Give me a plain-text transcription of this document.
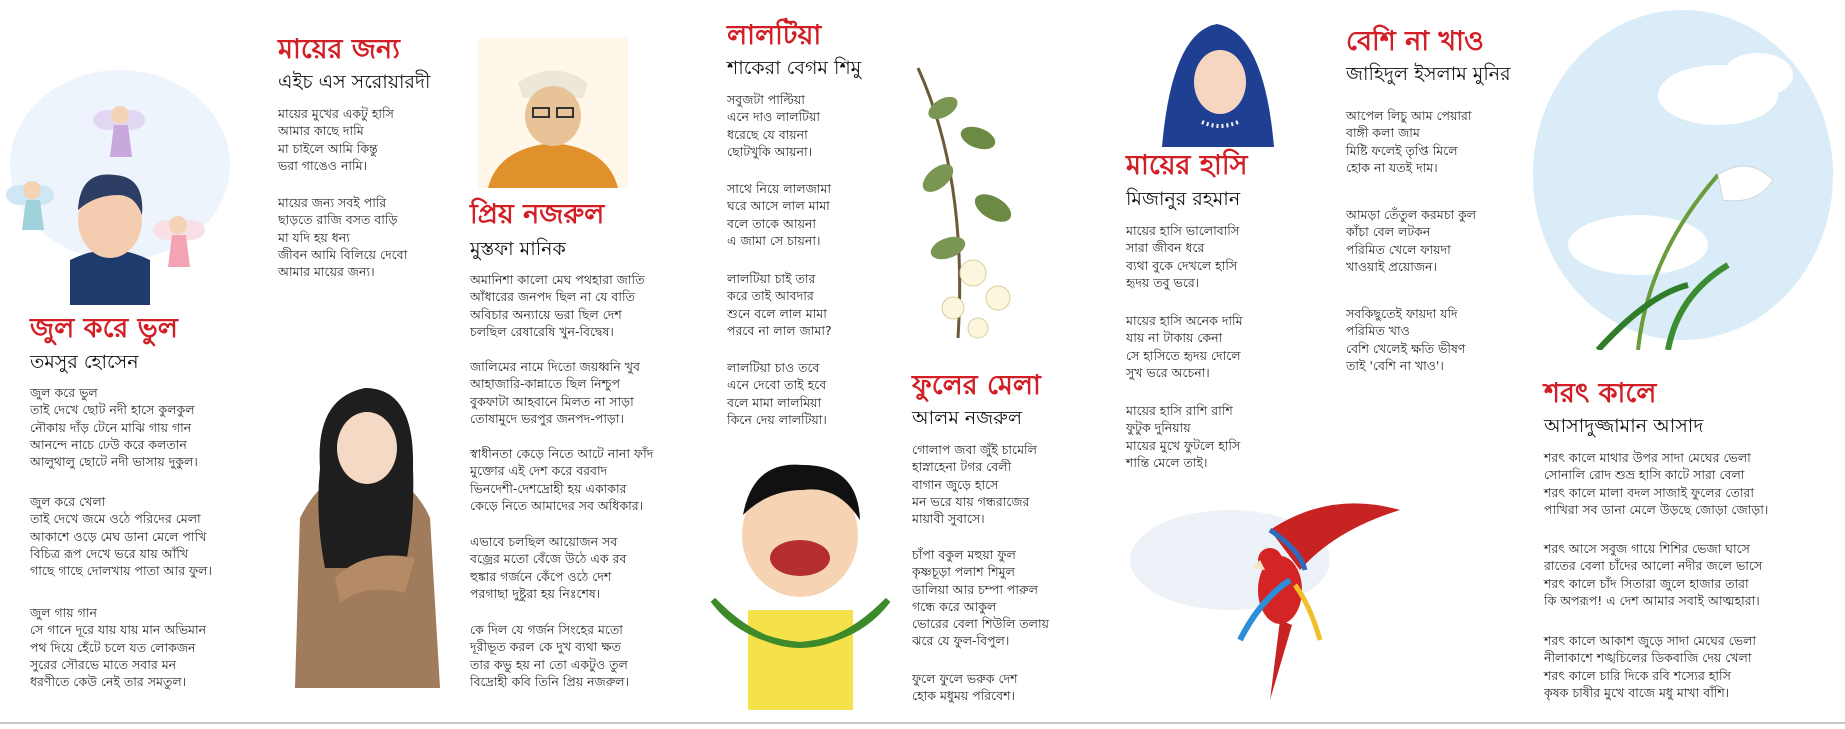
জুল করে ভুল
তমসুর হোসেন
জুল করে ভুল
তাই দেখে ছোট নদী হাসে কুলকুল
নৌকায় দাঁড় টেনে মাঝি গায় গান
আনন্দে নাচে ঢেউ করে কলতান
আলুথালু ছোটে নদী ভাসায় দুকুল।
জুল করে খেলা
তাই দেখে জমে ওঠে পরিদের মেলা
আকাশে ওড়ে মেঘ ডানা মেলে পাখি
বিচিত্র রূপ দেখে ভরে যায় আঁখি
গাছে গাছে দোলখায় পাতা আর ফুল।
জুল গায় গান
সে গানে দূরে যায় যায় মান অভিমান
পথ দিয়ে হেঁটে চলে যত লোকজন
সুরের সৌরভে মাতে সবার মন
ধরণীতে কেউ নেই তার সমতুল।
মায়ের জন্য
এইচ এস সরোয়ারদী
মায়ের মুখের একটু হাসি
আমার কাছে দামি
মা চাইলে আমি কিন্তু
ভরা গাঙেও নামি।
মায়ের জন্য সবই পারি
ছাড়তে রাজি বসত বাড়ি
মা যদি হয় ধন্য
জীবন আমি বিলিয়ে দেবো
আমার মায়ের জন্য।
প্রিয় নজরুল
মুস্তফা মানিক
অমানিশা কালো মেঘ পথহারা জাতি
আঁধারের জনপদ ছিল না যে বাতি
অবিচার অন্যায়ে ভরা ছিল দেশ
চলছিল রেষারেষি খুন-বিদ্বেষ।
জালিমের নামে দিতো জয়ধ্বনি খুব
আহাজারি-কান্নাতে ছিল নিশ্চুপ
বুকফাটা আহবানে মিলত না সাড়া
তোষামুদে ভরপুর জনপদ-পাড়া।
স্বাধীনতা কেড়ে নিতে আটে নানা ফাঁদ
মুক্তোর এই দেশ করে বরবাদ
ভিনদেশী-দেশদ্রোহী হয় একাকার
কেড়ে নিতে আমাদের সব অধিকার।
এভাবে চলছিল আয়োজন সব
বজ্রের মতো বেঁজে উঠে এক রব
হুঙ্কার গর্জনে কেঁপে ওঠে দেশ
পরগাছা দুষ্টুরা হয় নিঃশেষ।
কে দিল যে গর্জন সিংহের মতো
দূরীভূত করল কে দুখ ব্যথা ক্ষত
তার কভু হয় না তো একটুও তুল
বিদ্রোহী কবি তিনি প্রিয় নজরুল।
লালটিয়া
শাকেরা বেগম শিমু
সবুজটা পাল্টিয়া
এনে দাও লালটিয়া
ধরেছে যে বায়না
ছোটখুকি আয়না।
সাথে নিয়ে লালজামা
ঘরে আসে লাল মামা
বলে তাকে আয়না
এ জামা সে চায়না।
লালটিয়া চাই তার
করে তাই আবদার
শুনে বলে লাল মামা
পরবে না লাল জামা?
লালটিয়া চাও তবে
এনে দেবো তাই হবে
বলে মামা লালমিয়া
কিনে দেয় লালটিয়া।
ফুলের মেলা
আলম নজরুল
গোলাপ জবা জুঁই চামেলি
হাস্নাহেনা টগর বেলী
বাগান জুড়ে হাসে
মন ভরে যায় গন্ধরাজের
মায়াবী সুবাসে।
চাঁপা বকুল মহুয়া ফুল
কৃষ্ণচূড়া পলাশ শিমুল
ডালিয়া আর চম্পা পারুল
গন্ধে করে আকুল
ভোরের বেলা শিউলি তলায়
ঝরে যে ফুল-বিপুল।
ফুলে ফুলে ভরুক দেশ
হোক মধুময় পরিবেশ।
মায়ের হাসি
মিজানুর রহমান
মায়ের হাসি ভালোবাসি
সারা জীবন ধরে
ব্যথা বুকে দেখলে হাসি
হৃদয় তবু ভরে।
মায়ের হাসি অনেক দামি
যায় না টাকায় কেনা
সে হাসিতে হৃদয় দোলে
সুখ ভরে অচেনা।
মায়ের হাসি রাশি রাশি
ফুটুক দুনিয়ায়
মায়ের মুখে ফুটলে হাসি
শান্তি মেলে তাই।
বেশি না খাও
জাহিদুল ইসলাম মুনির
আপেল লিচু আম পেয়ারা
বাঙ্গী কলা জাম
মিষ্টি ফলেই তৃপ্তি মিলে
হোক না যতই দাম।
আমড়া তেঁতুল করমচা কুল
কাঁচা বেল লটকন
পরিমিত খেলে ফায়দা
খাওয়াই প্রয়োজন।
সবকিছুতেই ফায়দা যদি
পরিমিত খাও
বেশি খেলেই ক্ষতি ভীষণ
তাই 'বেশি না খাও'।
শরৎ কালে
আসাদুজ্জামান আসাদ
শরৎ কালে মাথার উপর সাদা মেঘের ভেলা
সোনালি রোদ শুভ্র হাসি কাটে সারা বেলা
শরৎ কালে মালা বদল সাজাই ফুলের তোরা
পাখিরা সব ডানা মেলে উড়ছে জোড়া জোড়া।
শরৎ আসে সবুজ গায়ে শিশির ভেজা ঘাসে
রাতের বেলা চাঁদের আলো নদীর জলে ভাসে
শরৎ কালে চাঁদ সিতারা জুলে হাজার তারা
কি অপরূপ! এ দেশ আমার সবাই আত্মহারা।
শরৎ কালে আকাশ জুড়ে সাদা মেঘের ভেলা
নীলাকাশে শঙ্খচিলের ডিকবাজি দেয় খেলা
শরৎ কালে চারি দিকে রবি শস্যের হাসি
কৃষক চাষীর মুখে বাজে মধু মাখা বাঁশি।
